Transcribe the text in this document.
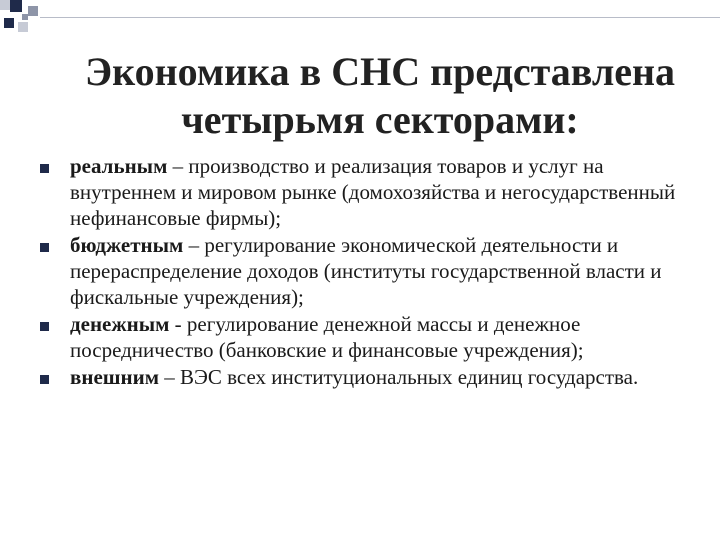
Экономика в СНС представлена
четырьмя секторами:
реальным – производство и реализация товаров и услуг на внутреннем и мировом рынке (домохозяйства и негосударственный нефинансовые фирмы);
бюджетным – регулирование экономической деятельности и перераспределение доходов (институты государственной власти и фискальные учреждения);
денежным - регулирование денежной массы и денежное посредничество (банковские и финансовые учреждения);
внешним – ВЭС всех институциональных единиц государства.
